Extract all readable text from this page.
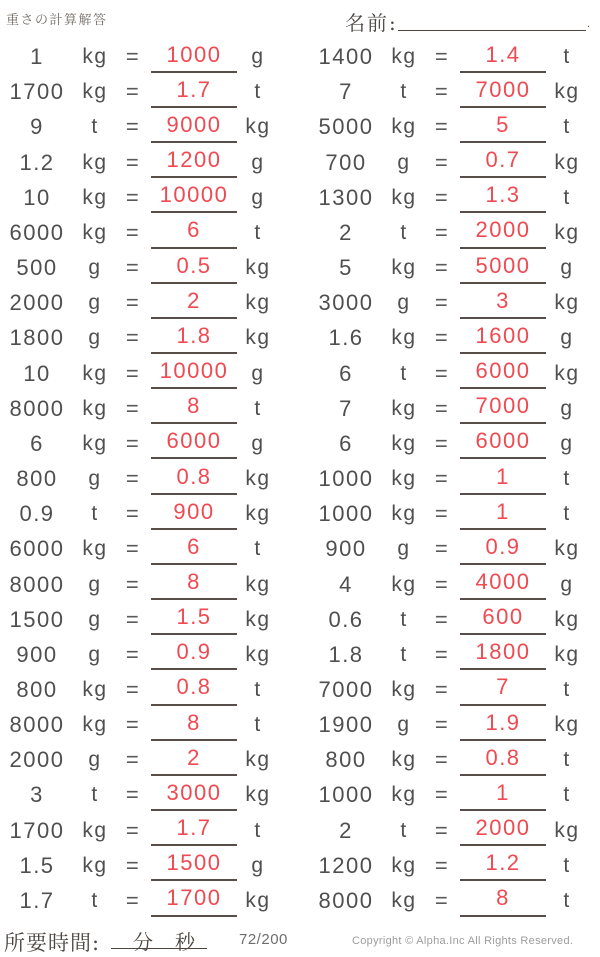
重さの計算解答	名前:	.
1	kg =	1000	g
1700 kg =	1.7	t
9	t	=	9000	kg
1.2	kg =	1200	g
10	kg = 10000	g
6000 kg =	6	t
500	g	=	0.5	kg
2000	g	=	2	kg
1800	g	=	1.8	kg
10	kg = 10000	g
8000 kg =	8	t
6	kg =	6000	g
800	g	=	0.8	kg
0.9	t	=	900	kg
6000 kg =	6	t
8000	g	=	8	kg
1500	g	=	1.5	kg
900	g	=	0.9	kg
800	kg =	0.8	t
8000 kg =	8	t
2000	g	=	2	kg
3	t	=	3000	kg
1700 kg =	1.7	t
1.5	kg =	1500	g
1.7	t	=	1700	kg
1400 kg =	1.4	t
7	t	=	7000	kg
5000 kg =	5	t
700	g	=	0.7	kg
1300 kg =	1.3	t
2	t	=	2000	kg
5	kg =	5000	g
3000	g	=	3	kg
1.6	kg =	1600	g
6	t	=	6000	kg
7	kg =	7000	g
6	kg =	6000	g
1000 kg =	1	t
1000 kg =	1	t
900	g	=	0.9	kg
4	kg =	4000	g
0.6	t	=	600	kg
1.8	t	=	1800	kg
7000 kg =	7	t
1900	g	=	1.9	kg
800	kg =	0.8	t
1000 kg =	1	t
2	t	=	2000	kg
1200 kg =	1.2	t
8000 kg =	8	t
所要時間: 分 秒	72/200	Copyright © Alpha.Inc All Rights Reserved.
